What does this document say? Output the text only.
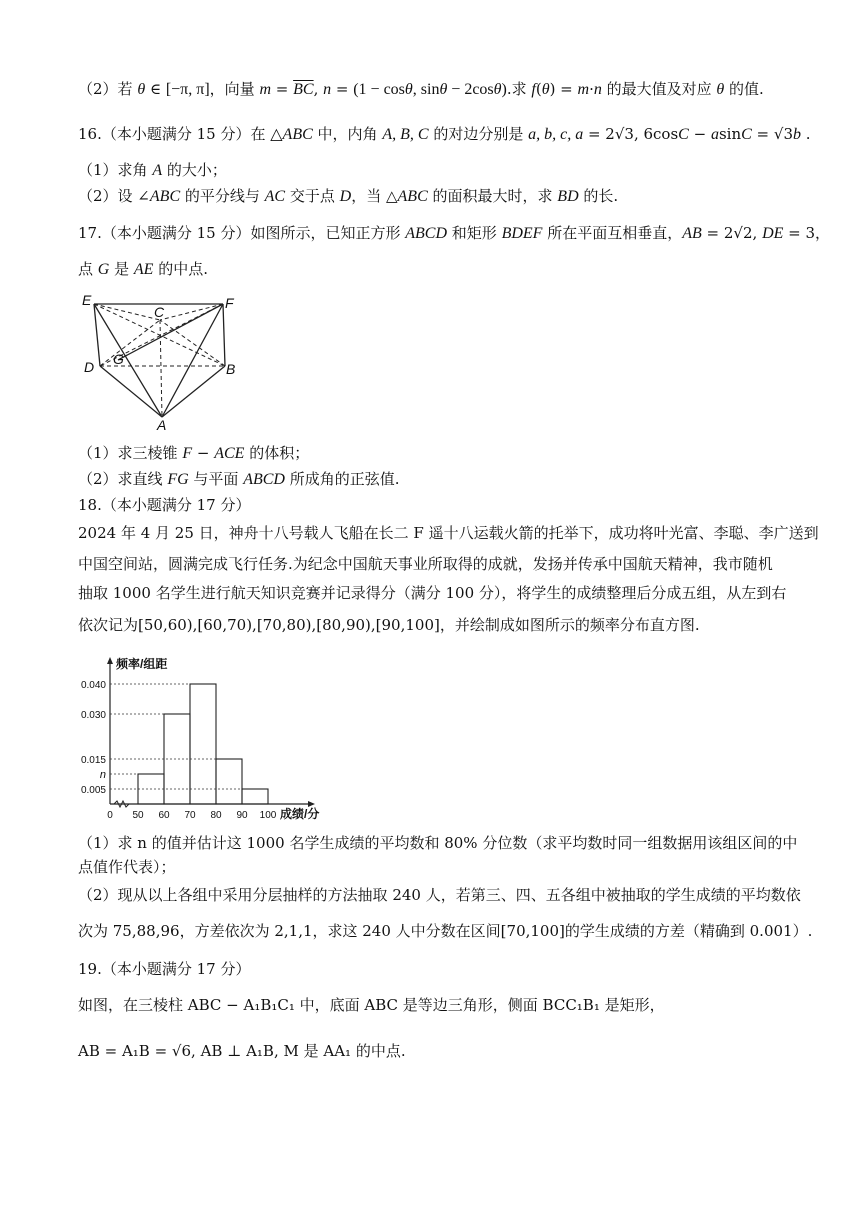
（2）若 θ ∈ [−π, π]，向量 $m = \overline{BC}$, n = (1 − cosθ, sinθ − 2cosθ).求 f(θ) = m·n 的最大值及对应 θ 的值.
16.（本小题满分 15 分）在 △ABC 中，内角 A, B, C 的对边分别是 a, b, c, a = 2√3, 6cosC − asinC = √3b .
（1）求角 A 的大小；
（2）设 ∠ABC 的平分线与 AC 交于点 D，当 △ABC 的面积最大时，求 BD 的长.
17.（本小题满分 15 分）如图所示，已知正方形 ABCD 和矩形 BDEF 所在平面互相垂直，AB = 2√2, DE = 3，
点 G 是 AE 的中点.
E
C
F
G
D	B
A
（1）求三棱锥 F − ACE 的体积；
（2）求直线 FG 与平面 ABCD 所成角的正弦值.
18.（本小题满分 17 分）
2024 年 4 月 25 日，神舟十八号载人飞船在长二 F 遥十八运载火箭的托举下，成功将叶光富、李聪、李广送到
中国空间站，圆满完成飞行任务.为纪念中国航天事业所取得的成就，发扬并传承中国航天精神，我市随机
抽取 1000 名学生进行航天知识竞赛并记录得分（满分 100 分），将学生的成绩整理后分成五组，从左到右
依次记为[50,60),[60,70),[70,80),[80,90),[90,100]，并绘制成如图所示的频率分布直方图.
n
0.005
0.015
0.030
0.040
0 50 60 70 80 90 100
频率/组距
成绩/分
（1）求 n 的值并估计这 1000 名学生成绩的平均数和 80% 分位数（求平均数时同一组数据用该组区间的中
点值作代表）；
（2）现从以上各组中采用分层抽样的方法抽取 240 人，若第三、四、五各组中被抽取的学生成绩的平均数依
次为 75,88,96，方差依次为 2,1,1，求这 240 人中分数在区间[70,100]的学生成绩的方差（精确到 0.001）.
19.（本小题满分 17 分）
如图，在三棱柱 ABC − A₁B₁C₁ 中，底面 ABC 是等边三角形，侧面 BCC₁B₁ 是矩形，
AB = A₁B = √6, AB ⊥ A₁B, M 是 AA₁ 的中点.
